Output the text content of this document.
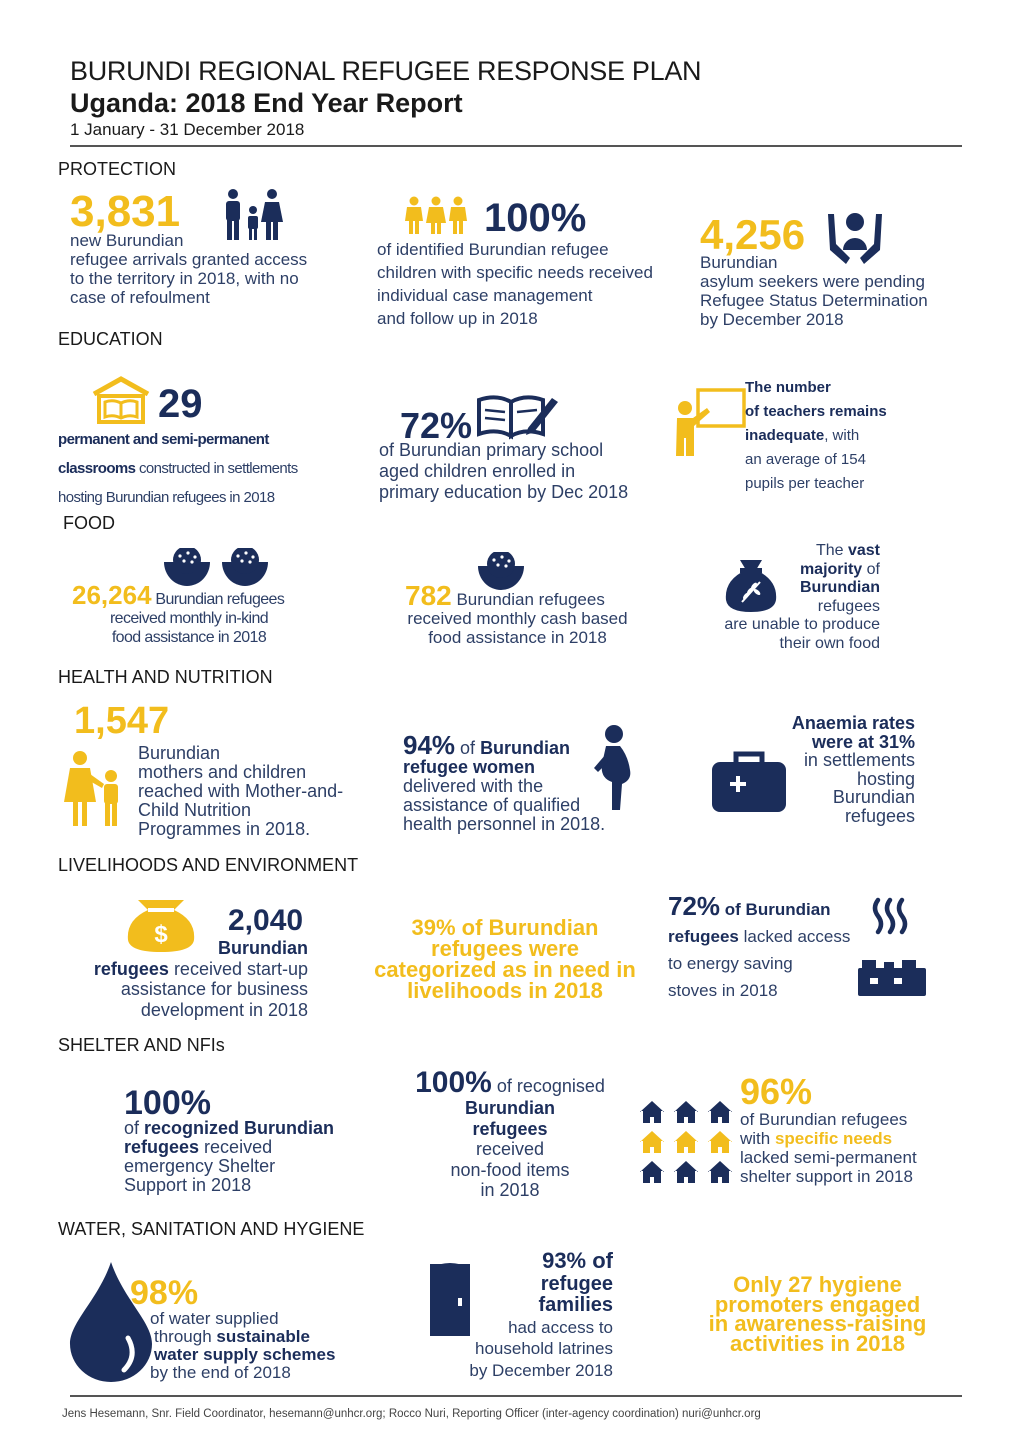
BURUNDI REGIONAL REFUGEE RESPONSE PLAN
Uganda: 2018 End Year Report
1 January - 31 December 2018
PROTECTION
3,831
new Burundian
refugee arrivals granted access
to the territory in 2018, with no
case of refoulment
100%
of identified Burundian refugee
children with specific needs received
individual case management
and follow up in 2018
4,256
Burundian
asylum seekers were pending
Refugee Status Determination
by December 2018
EDUCATION
29
permanent and semi-permanent
classrooms constructed in settlements
hosting Burundian refugees in 2018
72%
of Burundian primary school
aged children enrolled in
primary education by Dec 2018
The number
of teachers remains
inadequate, with
an average of 154
pupils per teacher
FOOD
26,264 Burundian refugees
received monthly in-kind
food assistance in 2018
782 Burundian refugees
received monthly cash based
food assistance in 2018
The vast
majority of
Burundian
refugees
are unable to produce
their own food
HEALTH AND NUTRITION
1,547
Burundian
mothers and children
reached with Mother-and-
Child Nutrition
Programmes in 2018.
94% of Burundian
refugee women
delivered with the
assistance of qualified
health personnel in 2018.
Anaemia rates
were at 31%
in settlements
hosting
Burundian
refugees
LIVELIHOODS AND ENVIRONMENT
$ 2,040
Burundian
refugees received start-up
assistance for business
development in 2018
39% of Burundian
refugees were
categorized as in need in
livelihoods in 2018
72% of Burundian
refugees lacked access
to energy saving
stoves in 2018
SHELTER AND NFIs
100%
of recognized Burundian
refugees received
emergency Shelter
Support in 2018
100% of recognised
Burundian
refugees
received
non-food items
in 2018
96%
of Burundian refugees
with specific needs
lacked semi-permanent
shelter support in 2018
WATER, SANITATION AND HYGIENE
98%
of water supplied
through sustainable
water supply schemes
by the end of 2018
93% of
refugee
families
had access to
household latrines
by December 2018
Only 27 hygiene
promoters engaged
in awareness-raising
activities in 2018
Jens Hesemann, Snr. Field Coordinator, hesemann@unhcr.org; Rocco Nuri, Reporting Officer (inter-agency coordination) nuri@unhcr.org
